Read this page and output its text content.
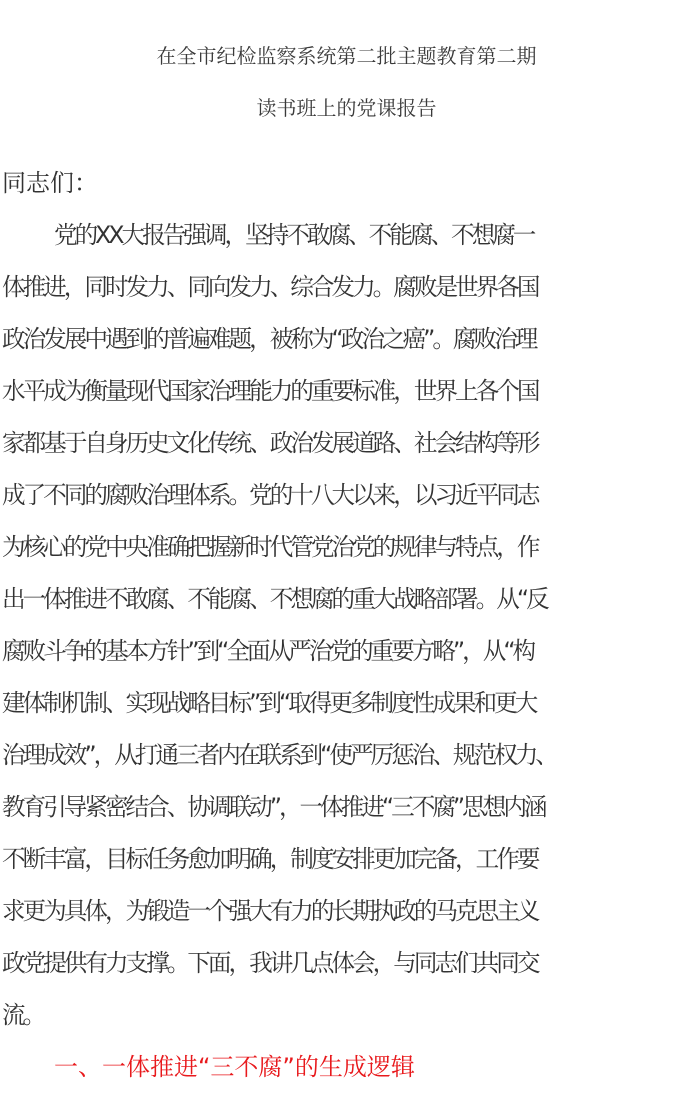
在全市纪检监察系统第二批主题教育第二期
读书班上的党课报告

同志们：

党的XX大报告强调，坚持不敢腐、不能腐、不想腐一
体推进，同时发力、同向发力、综合发力。腐败是世界各国
政治发展中遇到的普遍难题，被称为“政治之癌”。腐败治理
水平成为衡量现代国家治理能力的重要标准，世界上各个国
家都基于自身历史文化传统、政治发展道路、社会结构等形
成了不同的腐败治理体系。党的十八大以来，以习近平同志
为核心的党中央准确把握新时代管党治党的规律与特点，作
出一体推进不敢腐、不能腐、不想腐的重大战略部署。从“反
腐败斗争的基本方针”到“全面从严治党的重要方略”，从“构
建体制机制、实现战略目标”到“取得更多制度性成果和更大
治理成效”，从打通三者内在联系到“使严厉惩治、规范权力、
教育引导紧密结合、协调联动”，一体推进“三不腐”思想内涵
不断丰富，目标任务愈加明确，制度安排更加完备，工作要
求更为具体，为锻造一个强大有力的长期执政的马克思主义
政党提供有力支撑。下面，我讲几点体会，与同志们共同交
流。

一、一体推进“三不腐”的生成逻辑
